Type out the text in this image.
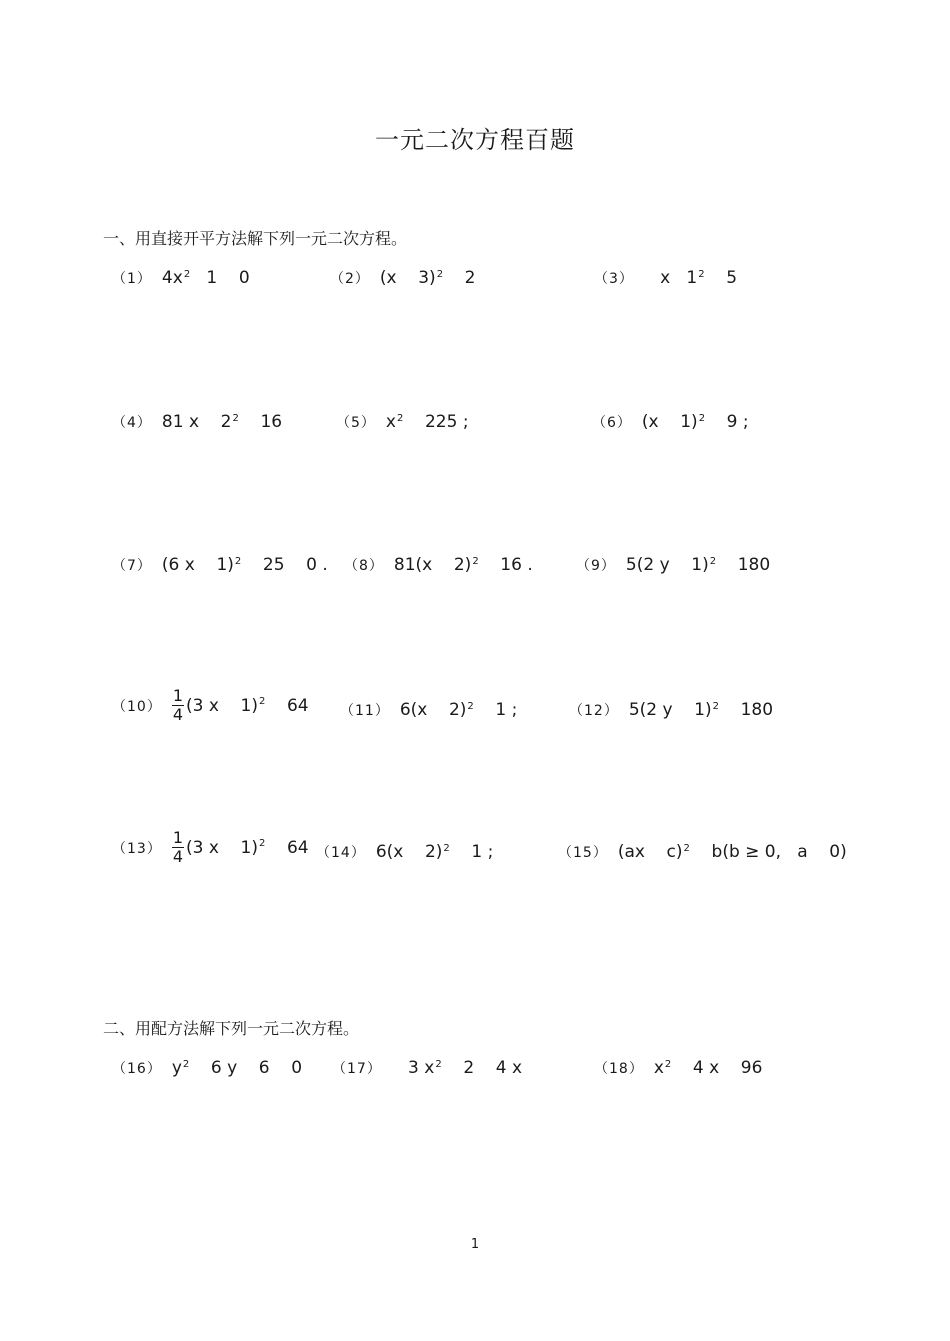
一元二次方程百题
一、用直接开平方法解下列一元二次方程。
二、用配方法解下列一元二次方程。
（1） $4x^2$ 1    0	（2） (x    3)$^2$ 2	（3） x   $1^2$ 5
（4） 81 x    $2^2$ 16	（5） $x^2$ 225 ;	（6） (x    1)$^2$ 9 ;
（7） (6 x    1)$^2$ 25    0 . （8） 81(x    2)$^2$ 16 .	（9） 5(2 y    1)$^2$ 180
$(10) \frac{1}{4} (3$ x    1)$^2$ 64 （11） 6(x    2)$^2$ 1 ;	（12） 5(2 y    1)$^2$ 180
$(13) \frac{1}{4} (3$ x    1)$^2$ 64 （14） 6(x    2)$^2$ 1 ;	（15） (ax    c)$^2$ b(b ≥ 0,   a    0)
（16） $y^2$ 6 y    6    0 （17） 3 $x^2$ 2    4 x	（18） $x^2$ 4 x    96
1
